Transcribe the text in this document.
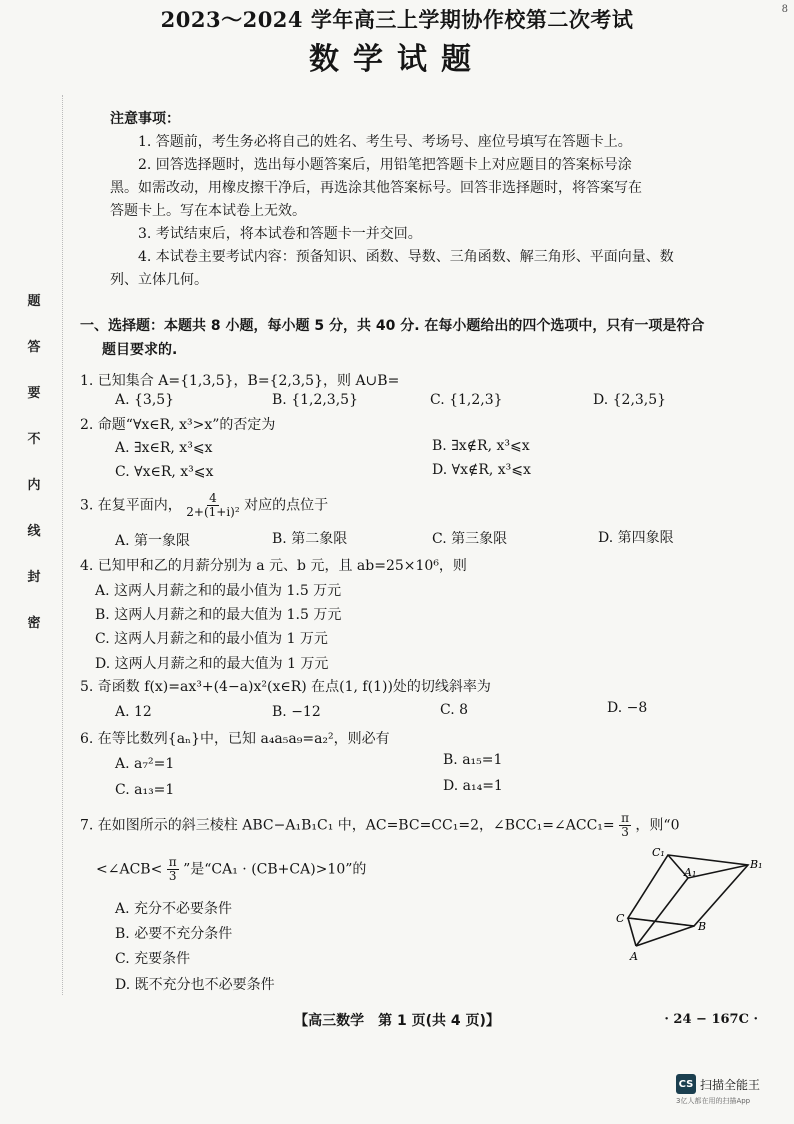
8
2023～2024 学年高三上学期协作校第二次考试
数学试题
题
答
要
不
内
线
封
密
注意事项：
1. 答题前，考生务必将自己的姓名、考生号、考场号、座位号填写在答题卡上。
2. 回答选择题时，选出每小题答案后，用铅笔把答题卡上对应题目的答案标号涂
黑。如需改动，用橡皮擦干净后，再选涂其他答案标号。回答非选择题时，将答案写在
答题卡上。写在本试卷上无效。
3. 考试结束后，将本试卷和答题卡一并交回。
4. 本试卷主要考试内容：预备知识、函数、导数、三角函数、解三角形、平面向量、数
列、立体几何。
一、选择题：本题共 8 小题，每小题 5 分，共 40 分. 在每小题给出的四个选项中，只有一项是符合
题目要求的.
1. 已知集合 A={1,3,5}，B={2,3,5}，则 A∪B=
A. {3,5}	B. {1,2,3,5}	C. {1,2,3}	D. {2,3,5}
2. 命题“∀x∈R, x³>x”的否定为
A. ∃x∈R, x³⩽x	B. ∃x∉R, x³⩽x
C. ∀x∈R, x³⩽x	D. ∀x∉R, x³⩽x
3. 在复平面内， $\frac{4}{\text{2+(1+i)²}}$ 对应的点位于
A. 第一象限	B. 第二象限	C. 第三象限	D. 第四象限
4. 已知甲和乙的月薪分别为 a 元、b 元，且 ab=25×10⁶，则
A. 这两人月薪之和的最小值为 1.5 万元
B. 这两人月薪之和的最大值为 1.5 万元
C. 这两人月薪之和的最小值为 1 万元
D. 这两人月薪之和的最大值为 1 万元
5. 奇函数 f(x)=ax³+(4−a)x²(x∈R) 在点(1, f(1))处的切线斜率为
A. 12	B. −12	C. 8	D. −8
6. 在等比数列{aₙ}中，已知 a₄a₅a₉=a₂²，则必有
A. a₇²=1	B. a₁₅=1
C. a₁₃=1	D. a₁₄=1
7. 在如图所示的斜三棱柱 ABC−A₁B₁C₁ 中，AC=BC=CC₁=2，∠BCC₁=∠ACC₁= $\frac{\pi}{3}$ ，则“0
<∠ACB< $\frac{\pi}{3}$ ”是“CA₁ · (CB+CA)>10”的
A. 充分不必要条件
B. 必要不充分条件
C. 充要条件
D. 既不充分也不必要条件
C₁
B₁
A₁
C
B
A
【高三数学　第 1 页(共 4 页)】	· 24 − 167C ·
CS 扫描全能王
3亿人都在用的扫描App
